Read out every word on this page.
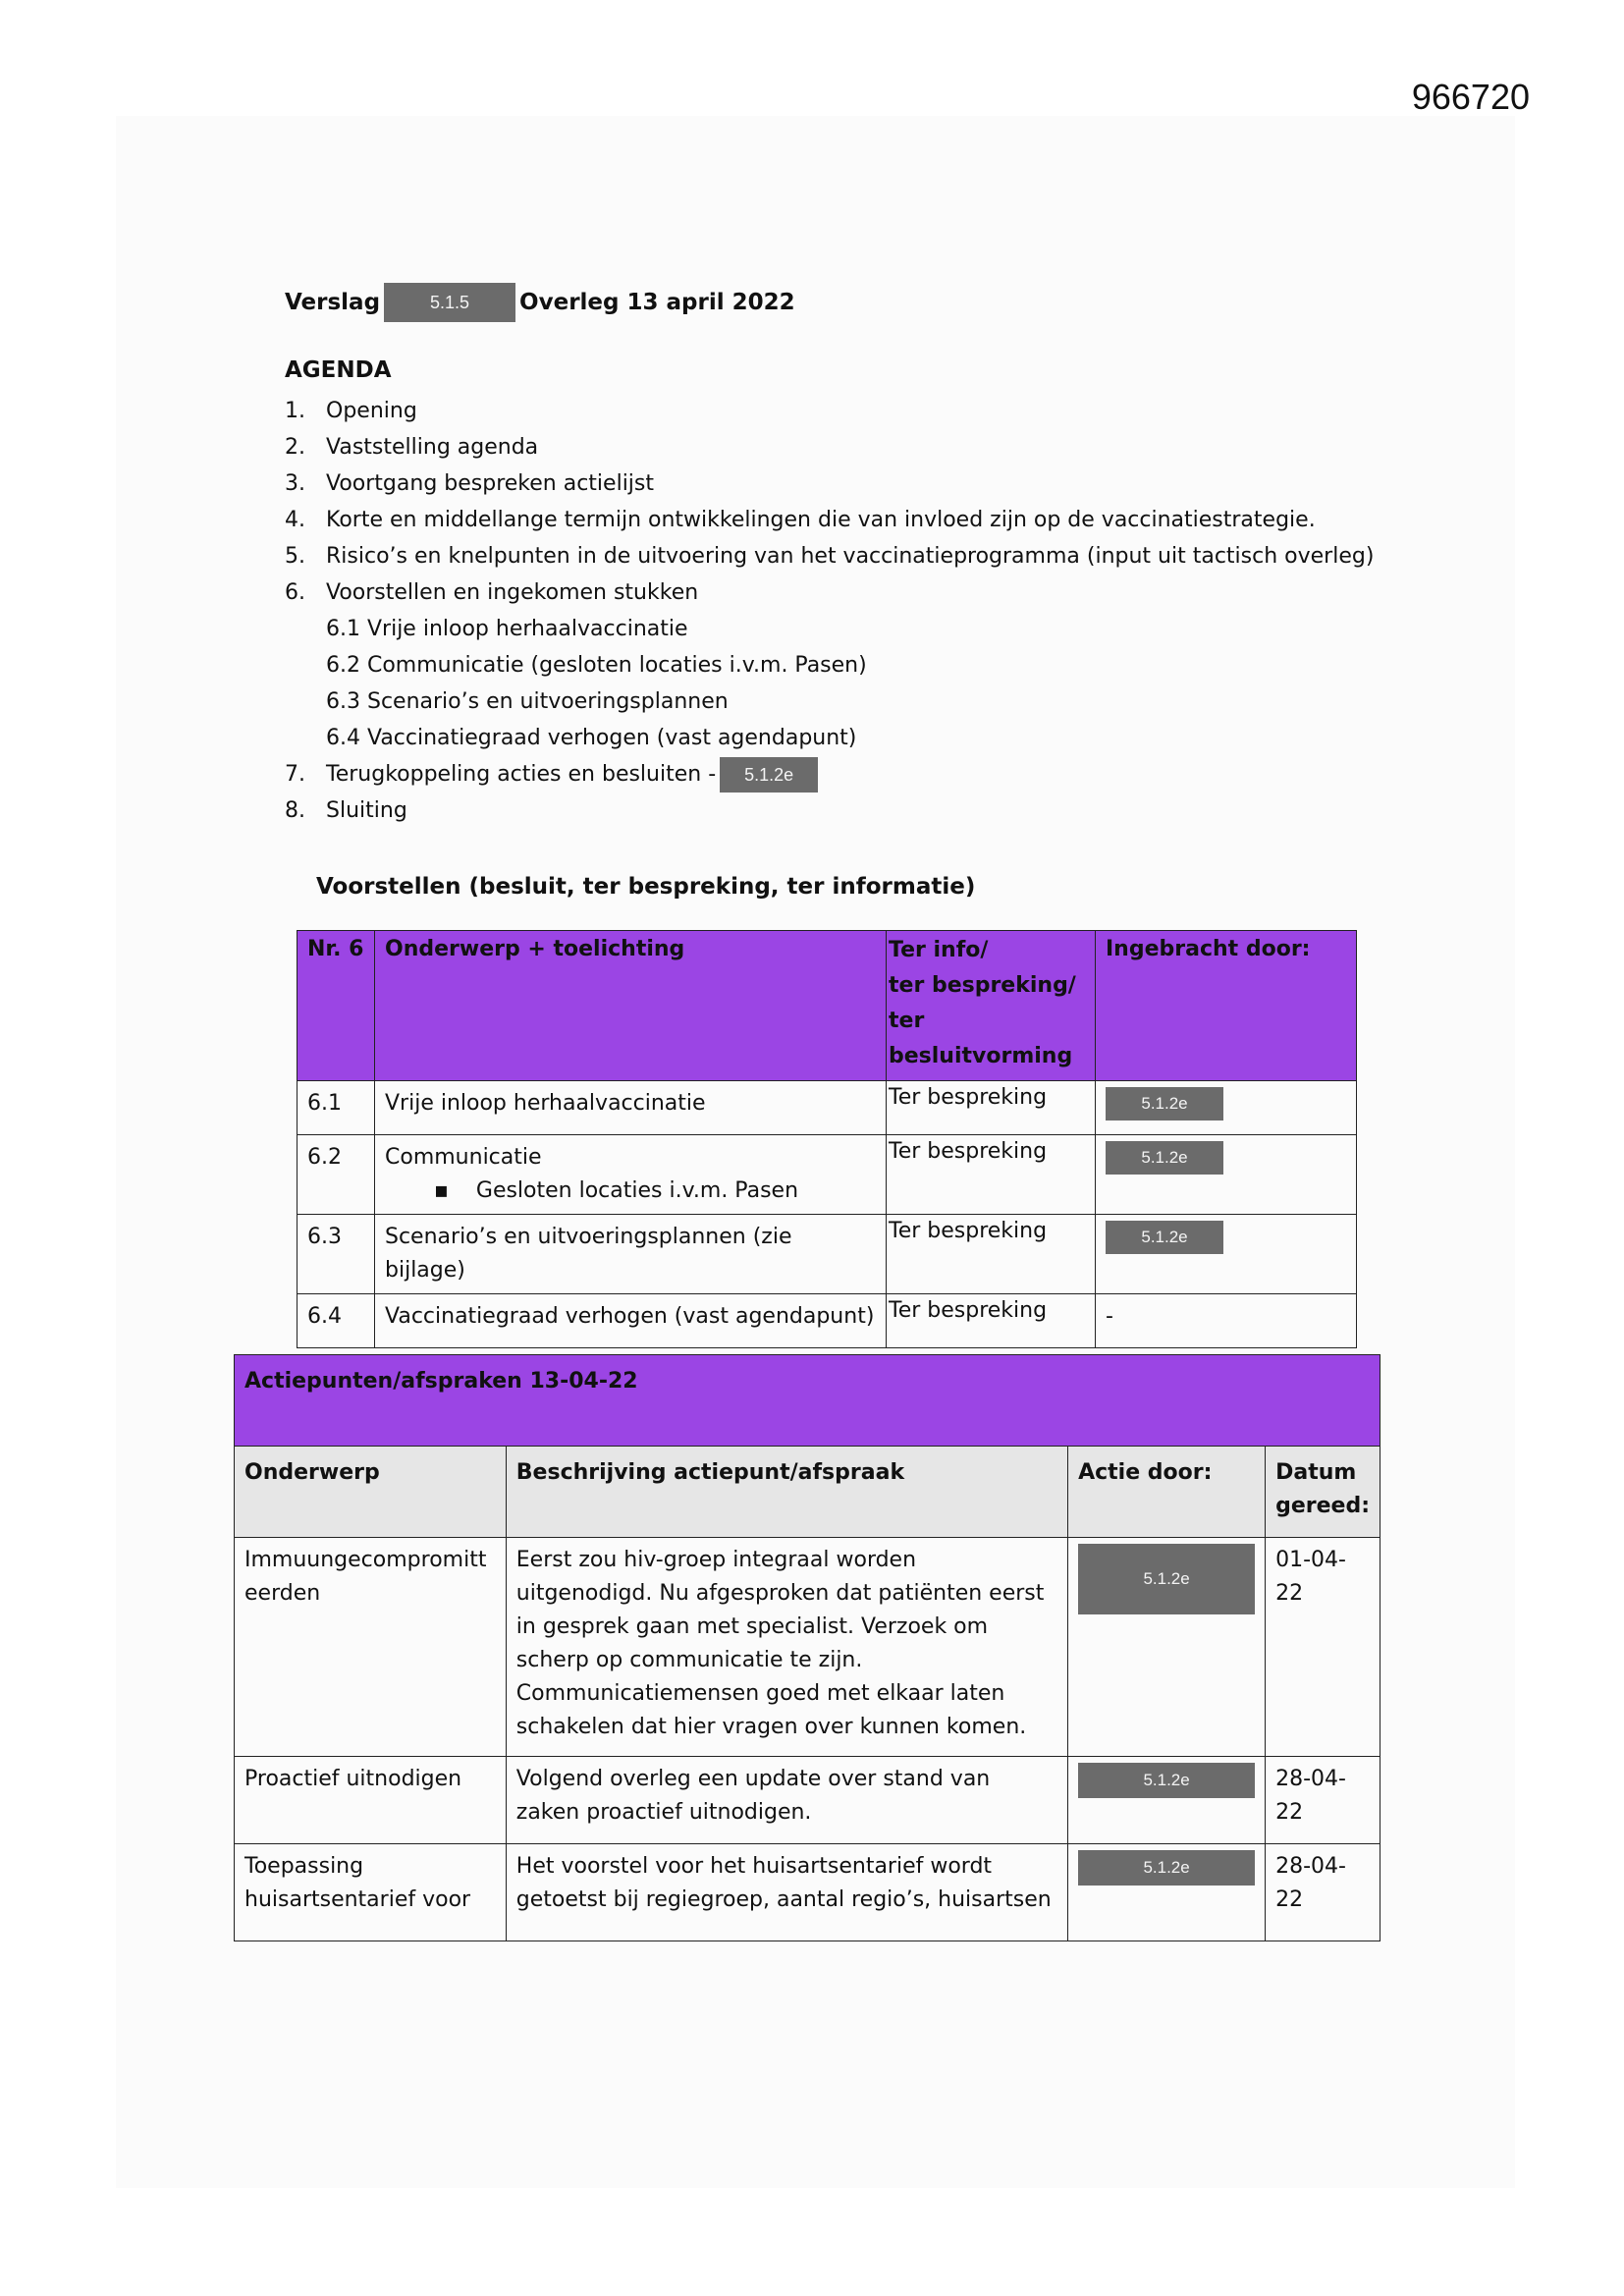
966720
Verslag	5.1.5	Overleg 13 april 2022
AGENDA
1. Opening
2. Vaststelling agenda
3. Voortgang bespreken actielijst
4. Korte en middellange termijn ontwikkelingen die van invloed zijn op de vaccinatiestrategie.
5. Risico’s en knelpunten in de uitvoering van het vaccinatieprogramma (input uit tactisch overleg)
6. Voorstellen en ingekomen stukken
6.1 Vrije inloop herhaalvaccinatie
6.2 Communicatie (gesloten locaties i.v.m. Pasen)
6.3 Scenario’s en uitvoeringsplannen
6.4 Vaccinatiegraad verhogen (vast agendapunt)
7. Terugkoppeling acties en besluiten -	5.1.2e
8. Sluiting
Voorstellen (besluit, ter bespreking, ter informatie)
Nr. 6	Onderwerp + toelichting	Ter info/
ter bespreking/
ter besluitvorming	Ingebracht door:
6.1	Vrije inloop herhaalvaccinatie	Ter bespreking	5.1.2e
6.2	Communicatie
▪    Gesloten locaties i.v.m. Pasen	Ter bespreking	5.1.2e
6.3	Scenario’s en uitvoeringsplannen (zie bijlage)	Ter bespreking	5.1.2e
6.4	Vaccinatiegraad verhogen (vast agendapunt)	Ter bespreking	-
Actiepunten/afspraken 13-04-22			
Onderwerp	Beschrijving actiepunt/afspraak	Actie door:	Datum
gereed:

Immuungecompromitt eerden	Eerst zou hiv-groep integraal worden uitgenodigd. Nu afgesproken dat patiënten eerst in gesprek gaan met specialist. Verzoek om scherp op communicatie te zijn. Communicatiemensen goed met elkaar laten schakelen dat hier vragen over kunnen komen.	5.1.2e	01-04-22
Proactief uitnodigen	Volgend overleg een update over stand van zaken proactief uitnodigen.	5.1.2e	28-04-22
Toepassing huisartsentarief voor	Het voorstel voor het huisartsentarief wordt getoetst bij regiegroep, aantal regio’s, huisartsen	5.1.2e	28-04-22
